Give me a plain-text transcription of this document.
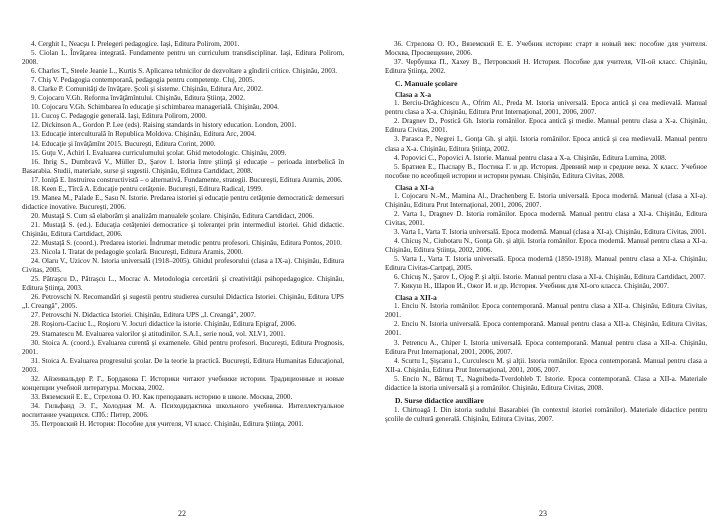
4. Cerghit I., Neacşu I. Prelegeri pedagogice. Iaşi, Editura Polirom, 2001.

5. Ciolan L. Învăţarea integrată. Fundamente pentru un curriculum transdisciplinar. Iaşi, Editura Polirom, 2008.

6. Charles T., Steele Jeanie L., Kurtis S. Aplicarea tehnicilor de dezvoltare a gîndirii critice. Chişinău, 2003.

7. Chiş V. Pedagogia contemporană, pedagogia pentru competenţe. Cluj, 2005.

8. Clarke P. Comunităţi de învăţare. Şcoli şi sisteme. Chişinău, Editura Arc, 2002.

9. Cojocaru V.Gh. Reforma învăţămîntului. Chişinău, Editura Ştiinţa, 2002.

10. Cojocaru V.Gh. Schimbarea în educaţie şi schimbarea managerială. Chişinău, 2004.

11. Cucoş C. Pedagogie generală. Iaşi, Editura Polirom, 2000.

12. Dickinson A., Gordon P. Lee (eds). Raising standards in history education. London, 2001.

13. Educaţie interculturală în Republica Moldova. Chişinău, Editura Arc, 2004.

14. Educaţie şi învăţămînt 2015. Bucureşti, Editura Corint, 2000.

15. Guţu V., Achiri I. Evaluarea curriculumului şcolar. Ghid metodologic. Chişinău, 2009.

16. Ihrig S., Dumbravă V., Müller D., Şarov I. Istoria între ştiinţă şi educaţie – perioada interbelică în Basarabia. Studii, materiale, surse şi sugestii. Chişinău, Editura Cartdidact, 2008.

17. Ioniţă E. Instruirea constructivistă – o alternativă. Fundamente, strategii. Bucureşti, Editura Aramis, 2006.

18. Keen E., Tîrcă A. Educaţie pentru cetăţenie. Bucureşti, Editura Radical, 1999.

19. Manea M., Palade E., Sasu N. Istorie. Predarea istoriei şi educaţie pentru cetăţenie democratică: demersuri didactice inovative. Bucureşti, 2006.

20. Mustaţă S. Cum să elaborăm şi analizăm manualele şcolare. Chişinău, Editura Cartdidact, 2006.

21. Mustaţă S. (ed.). Educaţia cetăţeniei democratice şi toleranţei prin intermediul istoriei. Ghid didactic. Chişinău, Editura Cartdidact, 2006.

22. Mustaţă S. (coord.). Predarea istoriei. Îndrumar metodic pentru profesori. Chişinău, Editura Pontos, 2010.

23. Nicola I. Tratat de pedagogie şcolară. Bucureşti, Editura Aramis, 2000.

24. Olaru V., Uzicov N. Istoria universală (1918–2005). Ghidul profesorului (clasa a IX-a). Chişinău, Editura Civitas, 2005.

25. Pătraşcu D., Pătraşcu L., Mocrac A. Metodologia cercetării şi creativităţii psihopedagogice. Chişinău, Editura Ştiinţa, 2003.

26. Petrovschi N. Recomandări şi sugestii pentru studierea cursului Didactica Istoriei. Chişinău, Editura UPS „I. Creangă", 2005.

27. Petrovschi N. Didactica Istoriei. Chişinău, Editura UPS „I. Creangă", 2007.

28. Roşioru-Caciuc L., Roşioru V. Jocuri didactice la istorie. Chişinău, Editura Epigraf, 2006.

29. Stamatescu M. Evaluarea valorilor şi atitudinilor. S.A.I., serie nouă, vol. XLV1, 2001.

30. Stoica A. (coord.). Evaluarea curentă şi examenele. Ghid pentru profesori. Bucureşti, Editura Prognosis, 2001.

31. Stoica A. Evaluarea progresului şcolar. De la teorie la practică. Bucureşti, Editura Humanitas Educaţional, 2003.

32. Айзенвальдер Р. Г., Бордакова Г. Историки читают учебники истории. Традиционные и новые концепции учебной литературы. Москва, 2002.

33. Вяземский Е. Е., Стрелова О. Ю. Как преподавать историю в школе. Москва, 2000.

34. Гильфанд Э. Г., Холодная М. А. Психодидактика школьного учебника. Интеллектуальное воспитание учащихся. СПб.: Питер, 2006.

35. Петровский Н. История: Пособие для учителя, VI класс. Chişinău, Editura Ştiinţa, 2001.

22

36. Стрелова О. Ю., Вяземский Е. Е. Учебник истории: старт в новый век: пособие для учителя. Москва, Просвещение, 2006.

37. Чербушка П., Хахеу В., Петровский Н. История. Пособие для учителя, VII-ой класс. Chişinău, Editura Ştiinţa, 2002.

C. Manuale şcolare
Clasa a X-a

1. Berciu-Drăghicescu A., Ofrim Al., Preda M. Istoria universală. Epoca antică şi cea medievală. Manual pentru clasa a X-a. Chişinău, Editura Prut Internaţional, 2001, 2006, 2007.

2. Dragnev D., Postică Gh. Istoria românilor. Epoca antică şi medie. Manual pentru clasa a X-a. Chişinău, Editura Civitas, 2001.

3. Parasca P., Negrei I., Gonţa Gh. şi alţii. Istoria românilor. Epoca antică şi cea medievală. Manual pentru clasa a X-a. Chişinău, Editura Ştiinţa, 2002.

4. Popovici C., Popovici A. Istorie. Manual pentru clasa a X-a. Chişinău, Editura Lumina, 2008.

5. Братиев Е., Пыслару В., Постика Г. и др. История. Древний мир и средние века. X класс. Учебное пособие по всеобщей истории и истории румын. Chişinău, Editura Civitas, 2008.

Clasa a XI-a

1. Cojocaru N.-M., Mamina Al., Drachenberg E. Istoria universală. Epoca modernă. Manual (clasa a XI-a). Chişinău, Editura Prut Internaţional, 2001, 2006, 2007.

2. Varta I., Dragnev D. Istoria românilor. Epoca modernă. Manual pentru clasa a XI-a. Chişinău, Editura Civitas, 2001.

3. Varta I., Varta T. Istoria universală. Epoca modernă. Manual (clasa a XI-a). Chişinău, Editura Civitas, 2001.

4. Chicuş N., Ciubotaru N., Gonţa Gh. şi alţii. Istoria românilor. Epoca modernă. Manual pentru clasa a XI-a. Chişinău, Editura Ştiinţa, 2002, 2006.

5. Varta I., Varta T. Istoria universală. Epoca modernă (1850-1918). Manual pentru clasa a XI-a. Chişinău, Editura Civitas-Cartpaţi, 2005.

6. Chicuş N., Şarov I., Ojog P. şi alţii. Istorie. Manual pentru clasa a XI-a. Chişinău, Editura Cartdidact, 2007.

7. Кикуш Н., Шаров И., Ожог И. и др. История. Учебник для XI-ого класса. Chişinău, 2007.

Clasa a XII-a

1. Enciu N. Istoria românilor. Epoca contemporană. Manual pentru clasa a XII-a. Chişinău, Editura Civitas, 2001.

2. Enciu N. Istoria universală. Epoca contemporană. Manual pentru clasa a XII-a. Chişinău, Editura Civitas, 2001.

3. Petrencu A., Chiper I. Istoria universală. Epoca contemporană. Manual pentru clasa a XII-a. Chişinău, Editura Prut Internaţional, 2001, 2006, 2007.

4. Scurtu I., Şişcanu I., Curculescu M. şi alţii. Istoria românilor. Epoca contemporană. Manual pentru clasa a XII-a. Chişinău, Editura Prut Internaţional, 2001, 2006, 2007.

5. Enciu N., Bărnuţ T., Nagnibeda-Tverdohleb T. Istorie. Epoca contemporană. Clasa a XII-a. Materiale didactice la istoria universală şi a românilor. Chişinău, Editura Civitas, 2008.

D. Surse didactice auxiliare

1. Chirtoagă I. Din istoria sudului Basarabiei (în contextul istoriei românilor). Materiale didactice pentru şcolile de cultură generală. Chişinău, Editura Civitas, 2007.

23
